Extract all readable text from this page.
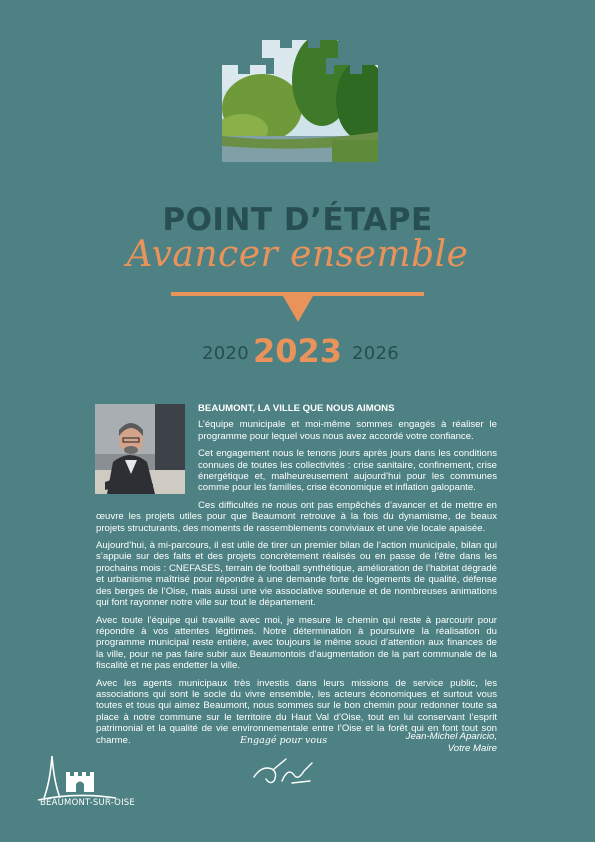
POINT D’ÉTAPE
Avancer ensemble
2020 2023 2026
BEAUMONT, LA VILLE QUE NOUS AIMONS

L’équipe municipale et moi-même sommes engagés à réaliser le programme pour lequel vous nous avez accordé votre confiance.

Cet engagement nous le tenons jours après jours dans les conditions connues de toutes les collectivités : crise sanitaire, confinement, crise énergétique et, malheureusement aujourd’hui pour les communes comme pour les familles, crise économique et inflation galopante.

Ces difficultés ne nous ont pas empêchés d’avancer et de mettre en œuvre les projets utiles pour que Beaumont retrouve à la fois du dynamisme, de beaux projets structurants, des moments de rassemblements conviviaux et une vie locale apaisée.

Aujourd’hui, à mi-parcours, il est utile de tirer un premier bilan de l’action municipale, bilan qui s’appuie sur des faits et des projets concrètement réalisés ou en passe de l’être dans les prochains mois : CNEFASES, terrain de football synthétique, amélioration de l’habitat dégradé et urbanisme maîtrisé pour répondre à une demande forte de logements de qualité, défense des berges de l’Oise, mais aussi une vie associative soutenue et de nombreuses animations qui font rayonner notre ville sur tout le département.

Avec toute l’équipe qui travaille avec moi, je mesure le chemin qui reste à parcourir pour répondre à vos attentes légitimes. Notre détermination à poursuivre la réalisation du programme municipal reste entière, avec toujours le même souci d’attention aux finances de la ville, pour ne pas faire subir aux Beaumontois d’augmentation de la part communale de la fiscalité et ne pas endetter la ville.

Avec les agents municipaux très investis dans leurs missions de service public, les associations qui sont le socle du vivre ensemble, les acteurs économiques et surtout vous toutes et tous qui aimez Beaumont, nous sommes sur le bon chemin pour redonner toute sa place à notre commune sur le territoire du Haut Val d’Oise, tout en lui conservant l’esprit patrimonial et la qualité de vie environnementale entre l’Oise et la forêt qui en font tout son charme.	Engagé pour vous	Jean-Michel Aparicio,
Votre Maire
BEAUMONT-SUR-OISE
